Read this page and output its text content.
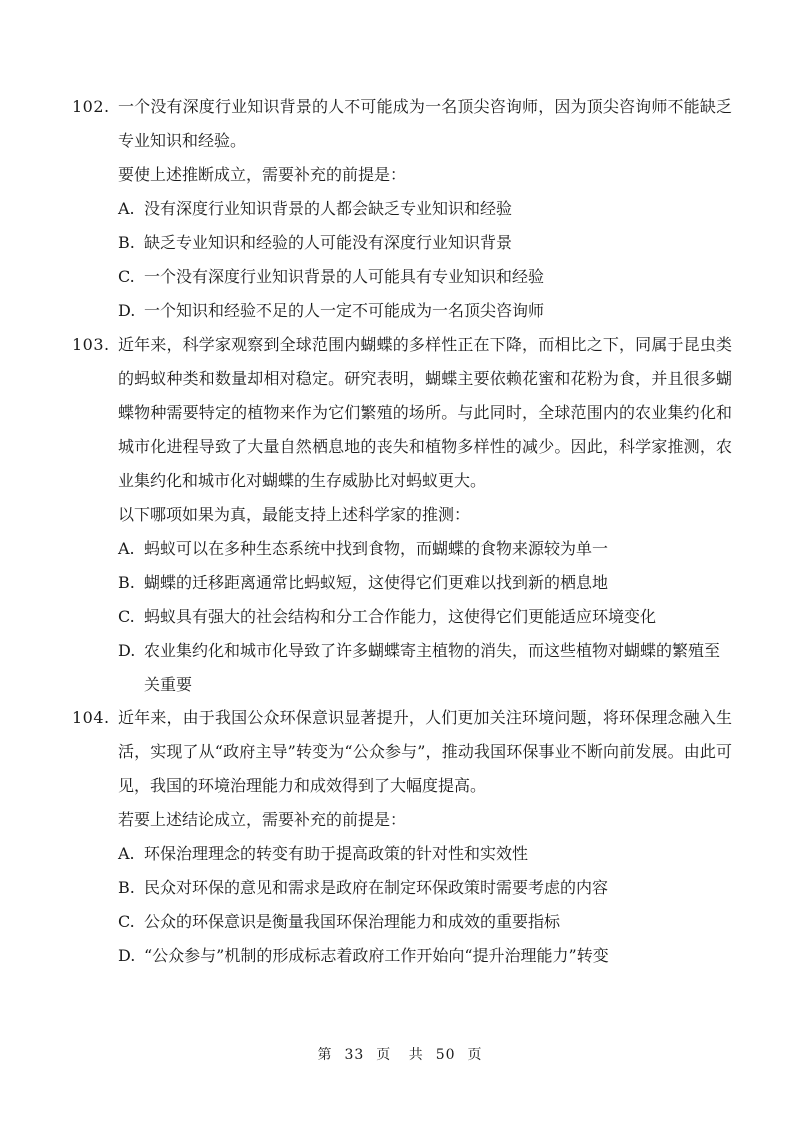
102. 一个没有深度行业知识背景的人不可能成为一名顶尖咨询师，因为顶尖咨询师不能缺乏专业知识和经验。
要使上述推断成立，需要补充的前提是：
A. 没有深度行业知识背景的人都会缺乏专业知识和经验
B. 缺乏专业知识和经验的人可能没有深度行业知识背景
C. 一个没有深度行业知识背景的人可能具有专业知识和经验
D. 一个知识和经验不足的人一定不可能成为一名顶尖咨询师
103. 近年来，科学家观察到全球范围内蝴蝶的多样性正在下降，而相比之下，同属于昆虫类的蚂蚁种类和数量却相对稳定。研究表明，蝴蝶主要依赖花蜜和花粉为食，并且很多蝴蝶物种需要特定的植物来作为它们繁殖的场所。与此同时，全球范围内的农业集约化和城市化进程导致了大量自然栖息地的丧失和植物多样性的减少。因此，科学家推测，农业集约化和城市化对蝴蝶的生存威胁比对蚂蚁更大。
以下哪项如果为真，最能支持上述科学家的推测：
A. 蚂蚁可以在多种生态系统中找到食物，而蝴蝶的食物来源较为单一
B. 蝴蝶的迁移距离通常比蚂蚁短，这使得它们更难以找到新的栖息地
C. 蚂蚁具有强大的社会结构和分工合作能力，这使得它们更能适应环境变化
D. 农业集约化和城市化导致了许多蝴蝶寄主植物的消失，而这些植物对蝴蝶的繁殖至关重要
104. 近年来，由于我国公众环保意识显著提升，人们更加关注环境问题，将环保理念融入生活，实现了从“政府主导”转变为“公众参与”，推动我国环保事业不断向前发展。由此可见，我国的环境治理能力和成效得到了大幅度提高。
若要上述结论成立，需要补充的前提是：
A. 环保治理理念的转变有助于提高政策的针对性和实效性
B. 民众对环保的意见和需求是政府在制定环保政策时需要考虑的内容
C. 公众的环保意识是衡量我国环保治理能力和成效的重要指标
D. “公众参与”机制的形成标志着政府工作开始向“提升治理能力”转变
第 33 页 共 50 页
